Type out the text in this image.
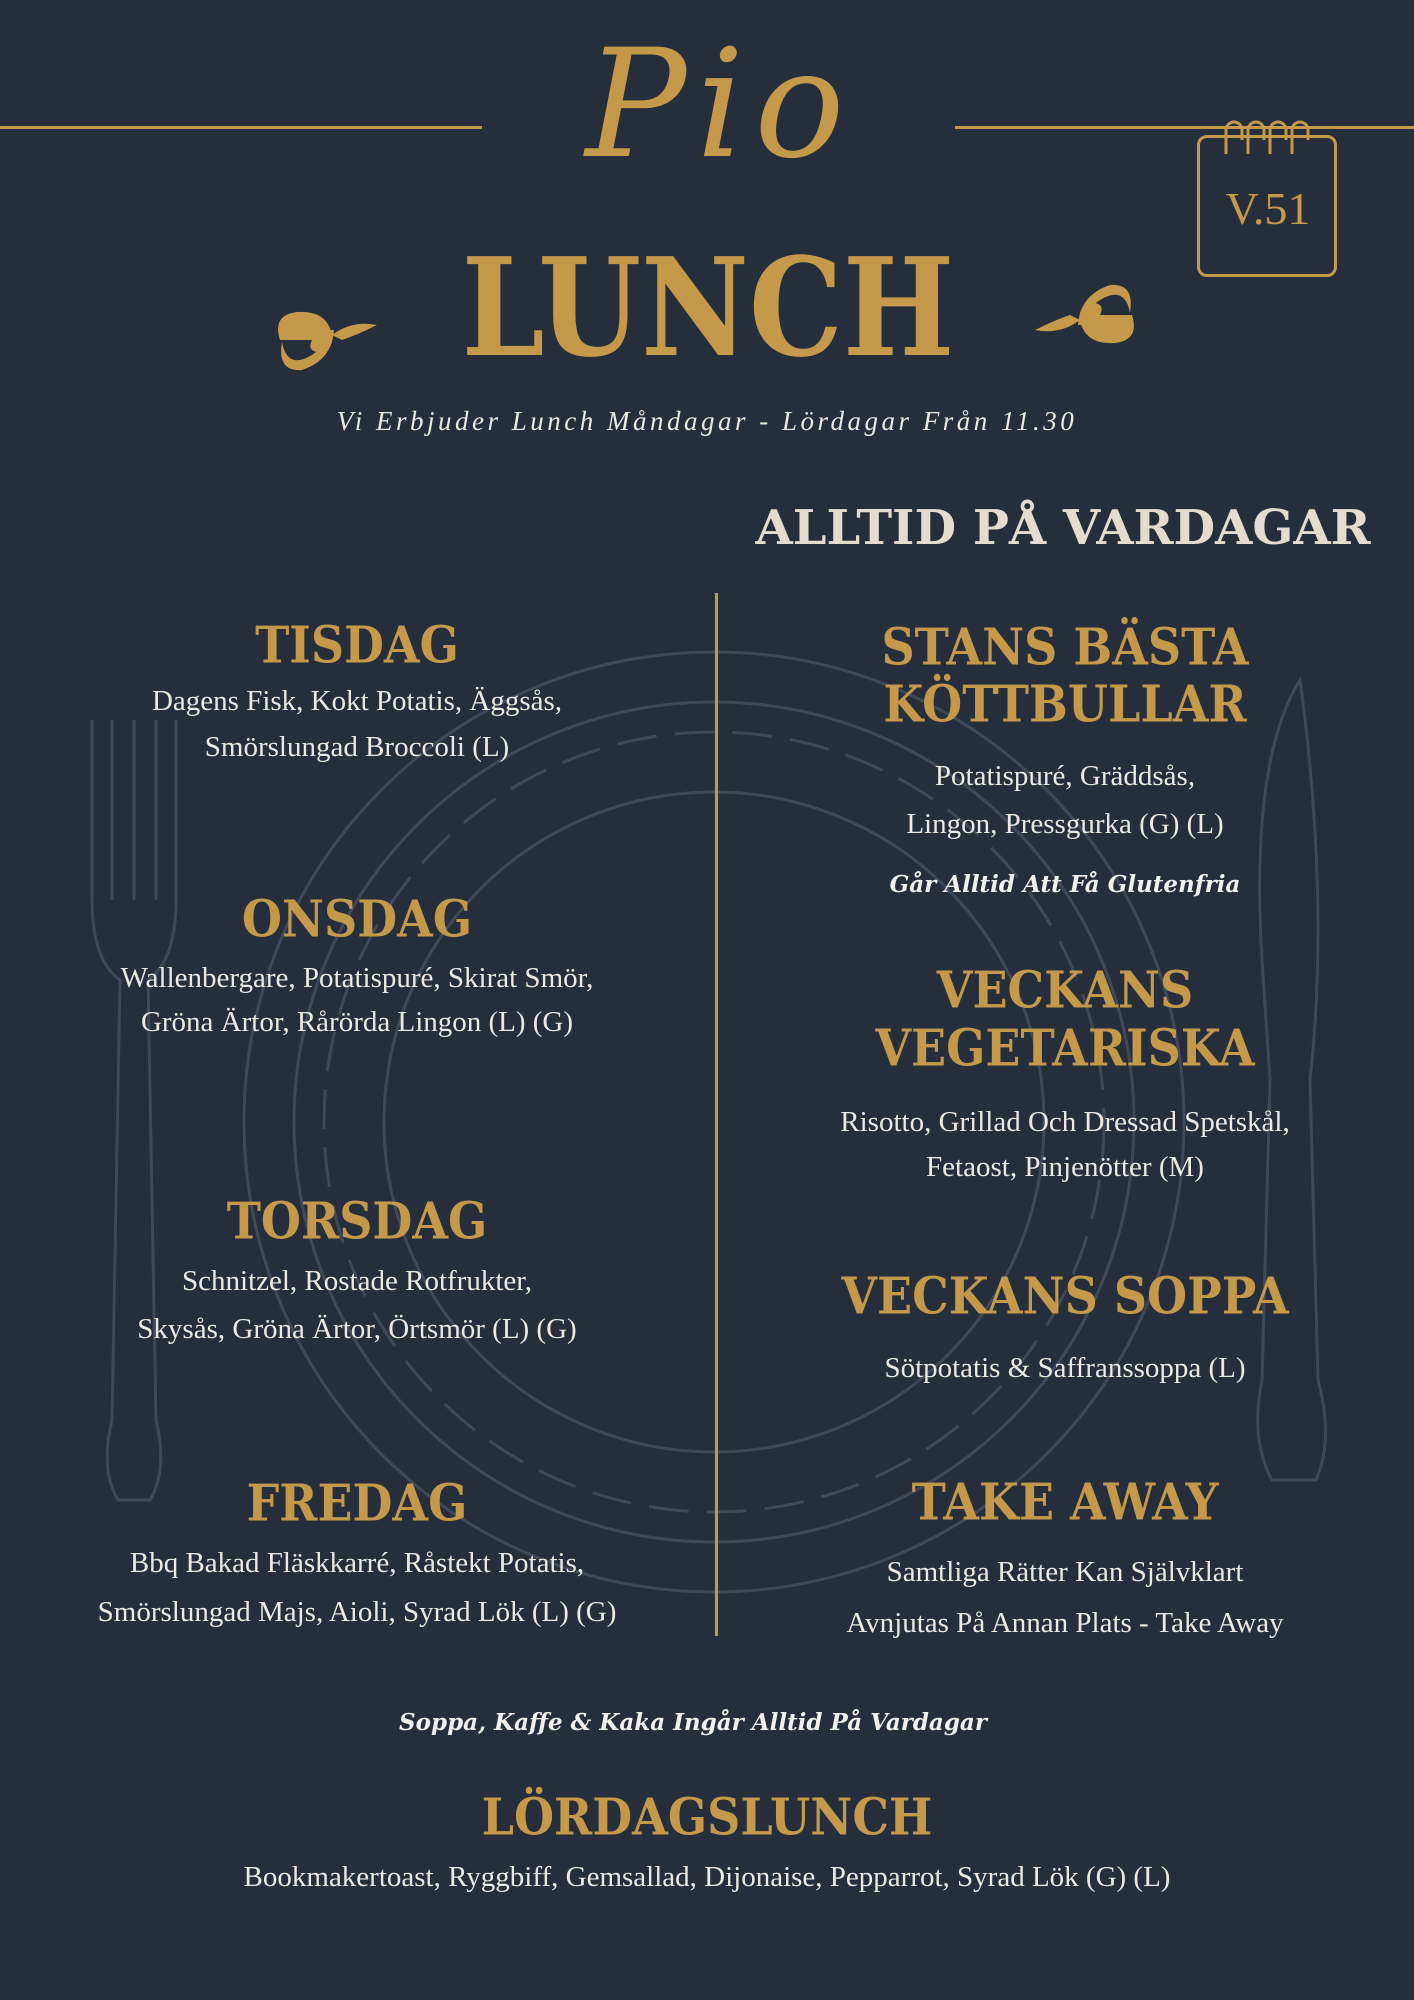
Pio
V.51
LUNCH
Vi Erbjuder Lunch Måndagar - Lördagar Från 11.30
ALLTID PÅ VARDAGAR
TISDAG
Dagens Fisk, Kokt Potatis, Äggsås,
Smörslungad Broccoli (L)
ONSDAG
Wallenbergare, Potatispuré, Skirat Smör,
Gröna Ärtor, Rårörda Lingon (L) (G)
TORSDAG
Schnitzel, Rostade Rotfrukter,
Skysås, Gröna Ärtor, Örtsmör (L) (G)
FREDAG
Bbq Bakad Fläskkarré, Råstekt Potatis,
Smörslungad Majs, Aioli, Syrad Lök (L) (G)
STANS BÄSTA
KÖTTBULLAR
Potatispuré, Gräddsås,
Lingon, Pressgurka (G) (L)
Går Alltid Att Få Glutenfria
VECKANS
VEGETARISKA
Risotto, Grillad Och Dressad Spetskål,
Fetaost, Pinjenötter (M)
VECKANS SOPPA
Sötpotatis & Saffranssoppa (L)
TAKE AWAY
Samtliga Rätter Kan Självklart
Avnjutas På Annan Plats - Take Away
Soppa, Kaffe & Kaka Ingår Alltid På Vardagar
LÖRDAGSLUNCH
Bookmakertoast, Ryggbiff, Gemsallad, Dijonaise, Pepparrot, Syrad Lök (G) (L)
